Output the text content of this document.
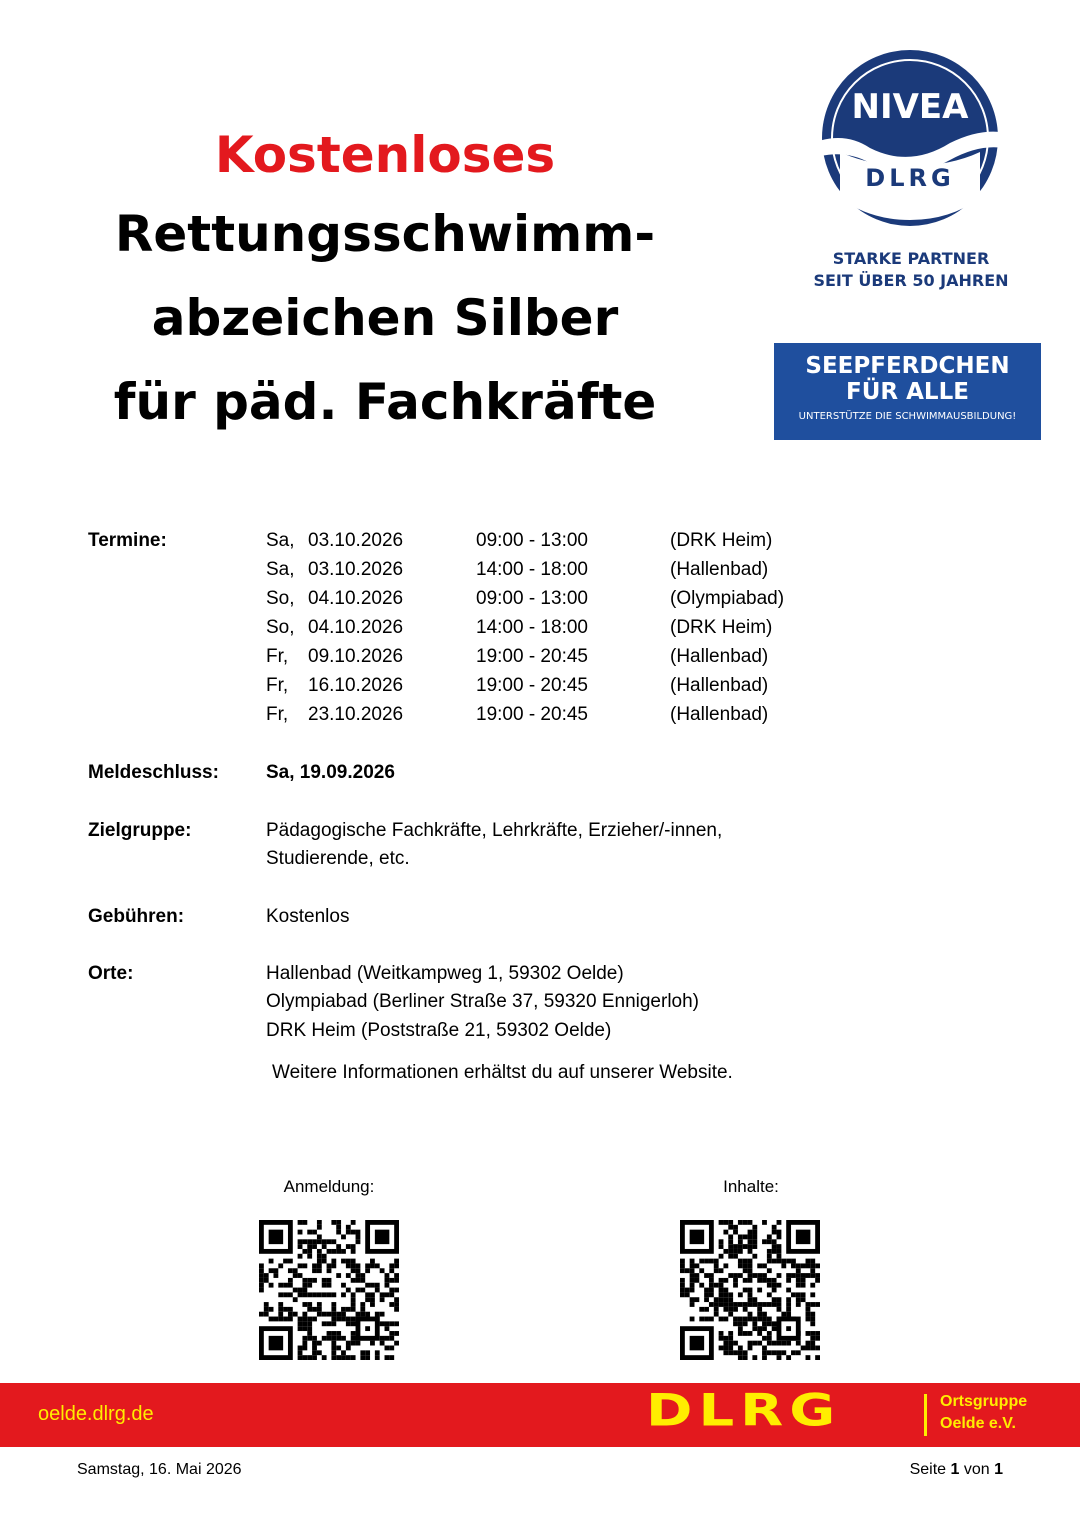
Kostenloses
Rettungsschwimm-
abzeichen Silber
für päd. Fachkräfte
NIVEA
DLRG
STARKE PARTNER
SEIT ÜBER 50 JAHREN
SEEPFERDCHEN
FÜR ALLE
UNTERSTÜTZE DIE SCHWIMMAUSBILDUNG!
Termine:	Sa, 03.10.2026	09:00 - 13:00	(DRK Heim)
Sa, 03.10.2026	14:00 - 18:00	(Hallenbad)
So, 04.10.2026	09:00 - 13:00	(Olympiabad)
So, 04.10.2026	14:00 - 18:00	(DRK Heim)
Fr, 09.10.2026	19:00 - 20:45	(Hallenbad)
Fr, 16.10.2026	19:00 - 20:45	(Hallenbad)
Fr, 23.10.2026	19:00 - 20:45	(Hallenbad)
Meldeschluss: Sa, 19.09.2026
Zielgruppe:	Pädagogische Fachkräfte, Lehrkräfte, Erzieher/-innen,
Studierende, etc.
Gebühren:	Kostenlos
Orte:	Hallenbad (Weitkampweg 1, 59302 Oelde)
Olympiabad (Berliner Straße 37, 59320 Ennigerloh)
DRK Heim (Poststraße 21, 59302 Oelde)
Weitere Informationen erhältst du auf unserer Website.
Anmeldung:	Inhalte:
oelde.dlrg.de	DLRG	Ortsgruppe
Oelde e.V.
Samstag, 16. Mai 2026	Seite 1 von 1
